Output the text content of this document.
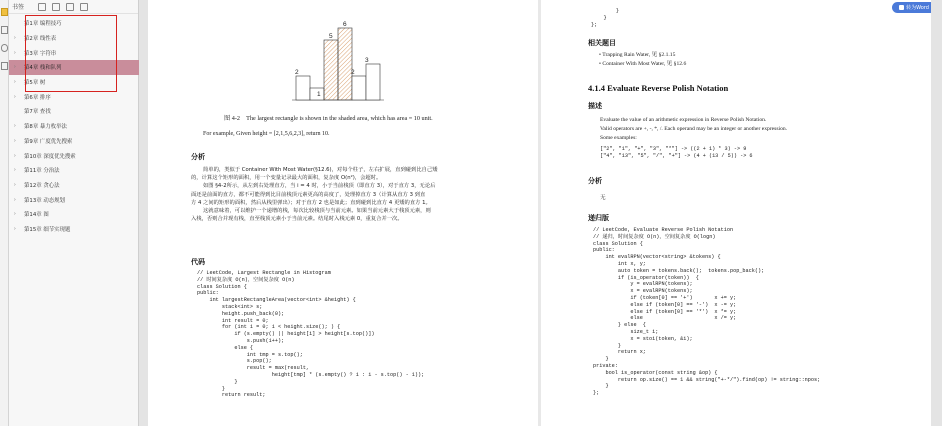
书签
第1章 编程技巧
›	第2章 线性表
›	第3章 字符串
›	第4章 栈和队列
›	第5章 树
›	第6章 排序
第7章 查找
›	第8章 暴力枚举法
›	第9章 广度优先搜索
›	第10章 深度优先搜索
›	第11章 分治法
›	第12章 贪心法
›	第13章 动态规划
›	第14章 图
›	第15章 细节实现题
2
1
5
6
2
3
图 4-2 The largest rectangle is shown in the shaded area, which has area = 10 unit.
For example, Given height = [2,1,5,6,2,3], return 10.
分析
简单的，类似于 Container With Most Water(§12.6)，对每个柱子，左右扩展，直到碰到比自己矮
的，计算这个矩形的面积，用一个变量记录最大的面积，复杂度 O(n²)，会超时。
如图 §4-2所示，从左到右处理直方，当 i = 4 时，小于当前栈顶（即直方 3），对于直方 3，无论后
面还是前面的直方，都不可能得到比目前栈顶元素更高的高度了，处理掉直方 3（计算从直方 3 到直
方 4 之间的矩形的面积，然后从栈里弹出）；对于直方 2 也是如此；直到碰到比直方 4 更矮的直方 1。
这就意味着，可以维护一个递增的栈，每次比较栈顶与当前元素。如果当前元素大于栈顶元素，则
入栈，否则合并现有栈，直至栈顶元素小于当前元素。结尾时入栈元素 0，重复合并一次。
代码
// LeetCode, Largest Rectangle in Histogram
// 时间复杂度 O(n)，空间复杂度 O(n)
class Solution {
public:
int largestRectangleArea(vector<int> &height) {
stack<int> s;
height.push_back(0);
int result = 0;
for (int i = 0; i < height.size(); ) {
if (s.empty() || height[i] > height[s.top()])
s.push(i++);
else {
int tmp = s.top();
s.pop();
result = max(result,
height[tmp] * (s.empty() ? i : i - s.top() - 1));
}
}
return result;
}
}
};
相关题目
• Trapping Rain Water, 见 §2.1.15
• Container With Most Water, 见 §12.6
4.1.4 Evaluate Reverse Polish Notation
描述
Evaluate the value of an arithmetic expression in Reverse Polish Notation.
Valid operators are +, -, *, /. Each operand may be an integer or another expression.
Some examples:
["2", "1", "+", "3", "*"] -> ((2 + 1) * 3) -> 9
["4", "13", "5", "/", "+"] -> (4 + (13 / 5)) -> 6
分析
无
递归版
// LeetCode, Evaluate Reverse Polish Notation
// 递归，时间复杂度 O(n)，空间复杂度 O(logn)
class Solution {
public:
int evalRPN(vector<string> &tokens) {
int x, y;
auto token = tokens.back();  tokens.pop_back();
if (is_operator(token))  {
y = evalRPN(tokens);
x = evalRPN(tokens);
if (token[0] == '+')       x += y;
else if (token[0] == '-')  x -= y;
else if (token[0] == '*')  x *= y;
else                       x /= y;
} else  {
size_t i;
x = stoi(token, &i);
}
return x;
}
private:
bool is_operator(const string &op) {
return op.size() == 1 && string("+-*/").find(op) != string::npos;
}
};
转为Word
